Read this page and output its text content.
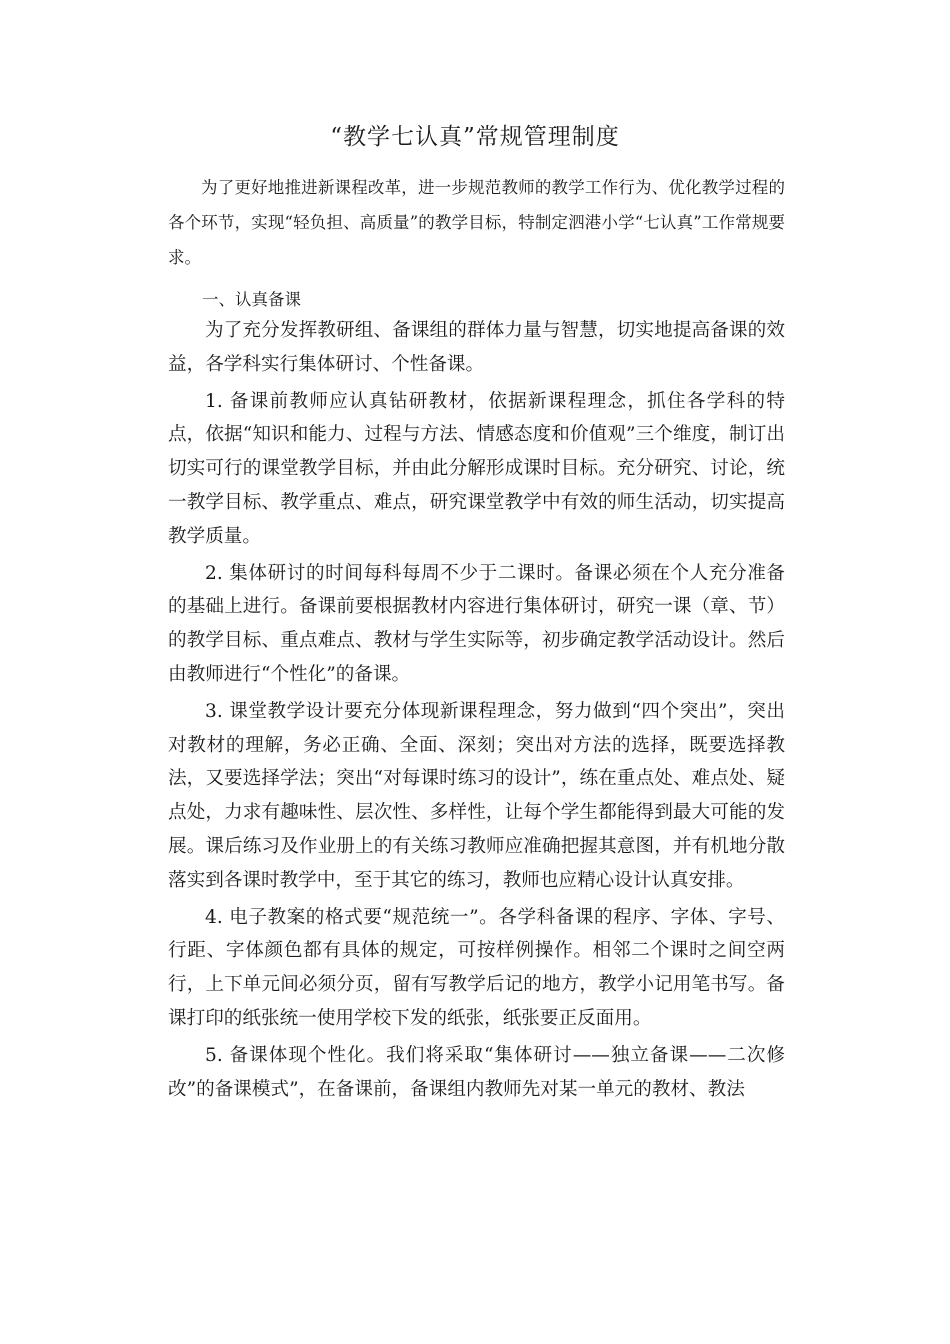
“教学七认真”常规管理制度
为了更好地推进新课程改革，进一步规范教师的教学工作行为、优化教学过程的各个环节，实现“轻负担、高质量”的教学目标，特制定泗港小学“七认真”工作常规要求。
一、认真备课

为了充分发挥教研组、备课组的群体力量与智慧，切实地提高备课的效益，各学科实行集体研讨、个性备课。

1. 备课前教师应认真钻研教材，依据新课程理念，抓住各学科的特点，依据“知识和能力、过程与方法、情感态度和价值观”三个维度，制订出切实可行的课堂教学目标，并由此分解形成课时目标。充分研究、讨论，统一教学目标、教学重点、难点，研究课堂教学中有效的师生活动，切实提高教学质量。

2. 集体研讨的时间每科每周不少于二课时。备课必须在个人充分准备的基础上进行。备课前要根据教材内容进行集体研讨，研究一课（章、节）的教学目标、重点难点、教材与学生实际等，初步确定教学活动设计。然后由教师进行“个性化”的备课。

3. 课堂教学设计要充分体现新课程理念，努力做到“四个突出”，突出对教材的理解，务必正确、全面、深刻；突出对方法的选择，既要选择教法，又要选择学法；突出“对每课时练习的设计”，练在重点处、难点处、疑点处，力求有趣味性、层次性、多样性，让每个学生都能得到最大可能的发展。课后练习及作业册上的有关练习教师应准确把握其意图，并有机地分散落实到各课时教学中，至于其它的练习，教师也应精心设计认真安排。

4. 电子教案的格式要“规范统一”。各学科备课的程序、字体、字号、行距、字体颜色都有具体的规定，可按样例操作。相邻二个课时之间空两行，上下单元间必须分页，留有写教学后记的地方，教学小记用笔书写。备课打印的纸张统一使用学校下发的纸张，纸张要正反面用。

5. 备课体现个性化。我们将采取“集体研讨——独立备课——二次修改”的备课模式”，在备课前，备课组内教师先对某一单元的教材、教法
